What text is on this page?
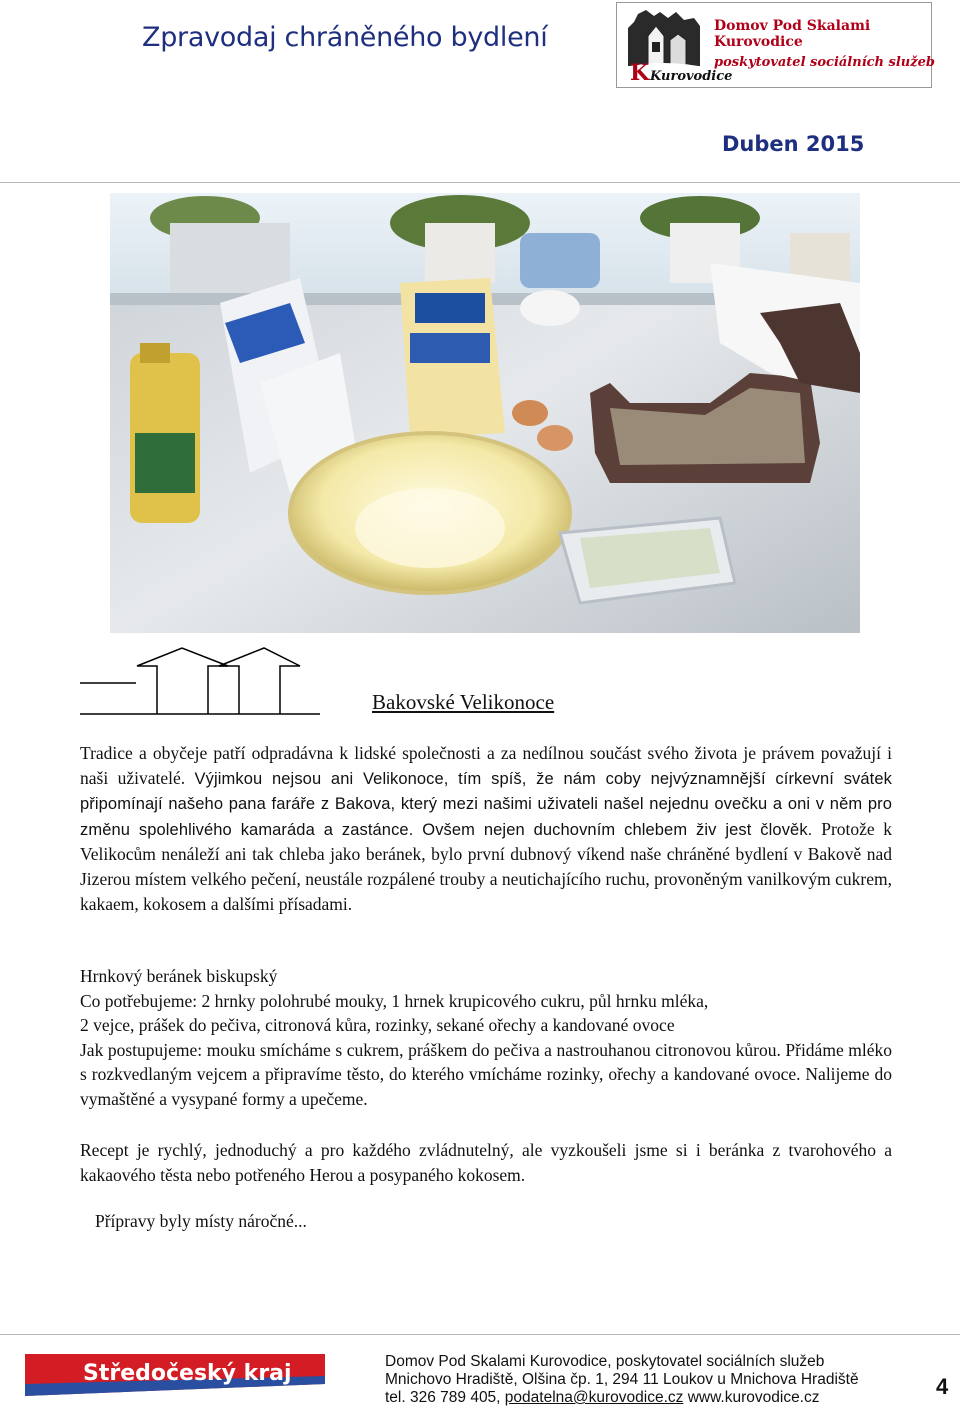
Zpravodaj chráněného bydlení
Kurovodice
K
Domov Pod Skalami Kurovodice
poskytovatel sociálních služeb
Duben 2015
Bakovské Velikonoce

Tradice a obyčeje patří odpradávna k lidské společnosti a za nedílnou součást svého života je právem považují i naši uživatelé. Výjimkou nejsou ani Velikonoce, tím spíš, že nám coby nejvýznamnější církevní svátek připomínají našeho pana faráře z Bakova, který mezi našimi uživateli našel nejednu ovečku a oni v něm pro změnu spolehlivého kamaráda a zastánce. Ovšem nejen duchovním chlebem živ jest člověk. Protože k Velikocům nenáleží ani tak chleba jako beránek, bylo první dubnový víkend naše chráněné bydlení v Bakově nad Jizerou místem velkého pečení, neustále rozpálené trouby a neutichajícího ruchu, provoněným vanilkovým cukrem, kakaem, kokosem a dalšími přísadami.

Hrnkový beránek biskupský

Co potřebujeme: 2 hrnky polohrubé mouky, 1 hrnek krupicového cukru, půl hrnku mléka,

2 vejce, prášek do pečiva, citronová kůra, rozinky, sekané ořechy a kandované ovoce

Jak postupujeme: mouku smícháme s cukrem, práškem do pečiva a nastrouhanou citronovou kůrou. Přidáme mléko s rozkvedlaným vejcem a připravíme těsto, do kterého vmícháme rozinky, ořechy a kandované ovoce. Nalijeme do vymaštěné a vysypané formy a upečeme.

Recept je rychlý, jednoduchý a pro každého zvládnutelný, ale vyzkoušeli jsme si i beránka z tvarohového a kakaového těsta nebo potřeného Herou a posypaného kokosem.

Přípravy byly místy náročné...
Středočeský kraj	Domov Pod Skalami Kurovodice, poskytovatel sociálních služeb
Mnichovo Hradiště, Olšina čp. 1, 294 11 Loukov u Mnichova Hradiště
tel. 326 789 405, podatelna@kurovodice.cz www.kurovodice.cz	4
